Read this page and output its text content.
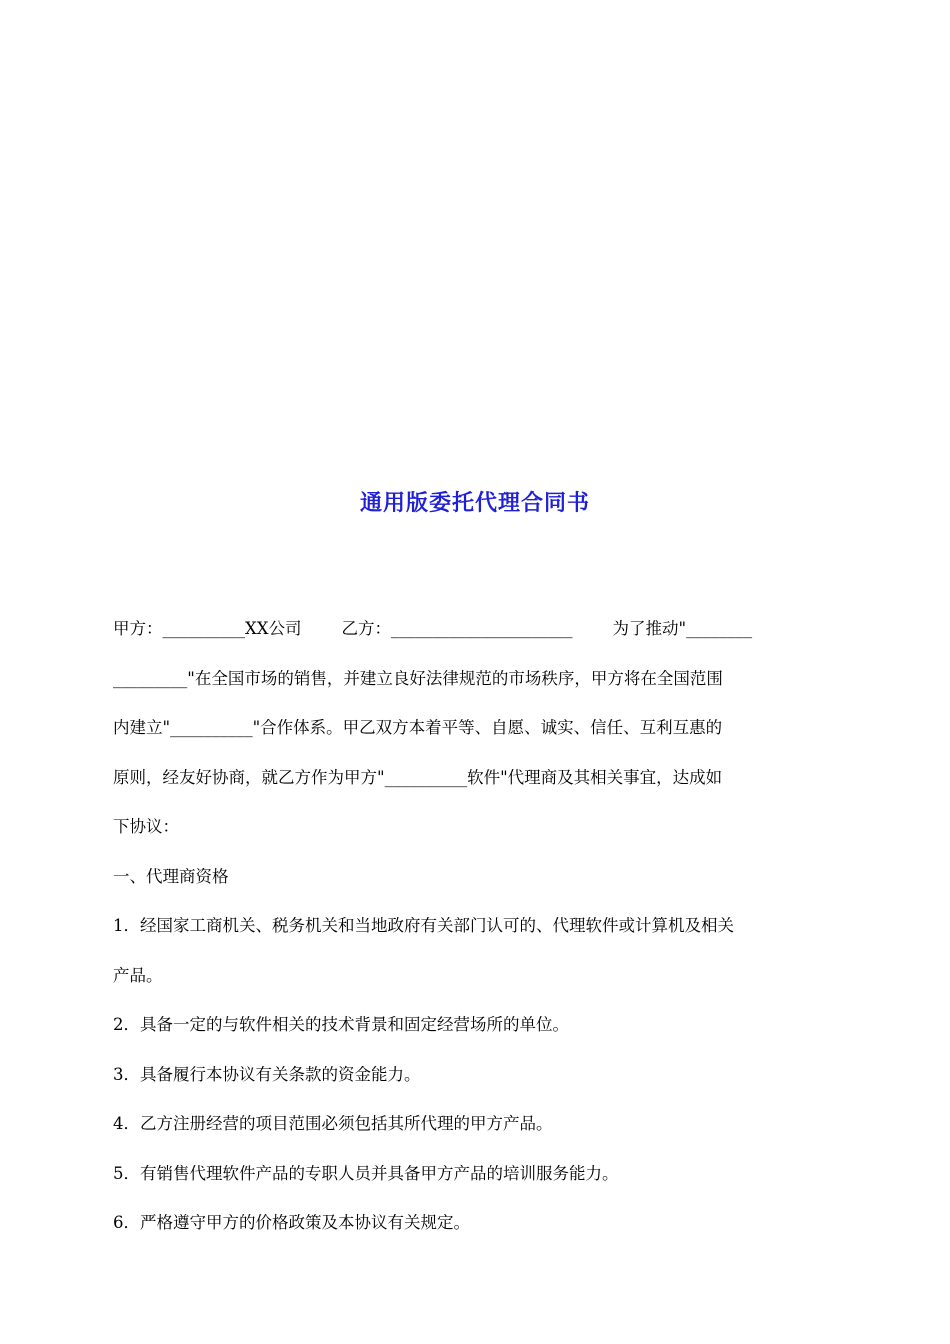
通用版委托代理合同书

甲方：__________XX公司 乙方：______________________ 为了推动"________
_________"在全国市场的销售，并建立良好法律规范的市场秩序，甲方将在全国范围
内建立"__________"合作体系。甲乙双方本着平等、自愿、诚实、信任、互利互惠的
原则，经友好协商，就乙方作为甲方"__________软件"代理商及其相关事宜，达成如
下协议：

一、代理商资格

1．经国家工商机关、税务机关和当地政府有关部门认可的、代理软件或计算机及相关
产品。

2．具备一定的与软件相关的技术背景和固定经营场所的单位。

3．具备履行本协议有关条款的资金能力。

4．乙方注册经营的项目范围必须包括其所代理的甲方产品。

5．有销售代理软件产品的专职人员并具备甲方产品的培训服务能力。

6．严格遵守甲方的价格政策及本协议有关规定。
